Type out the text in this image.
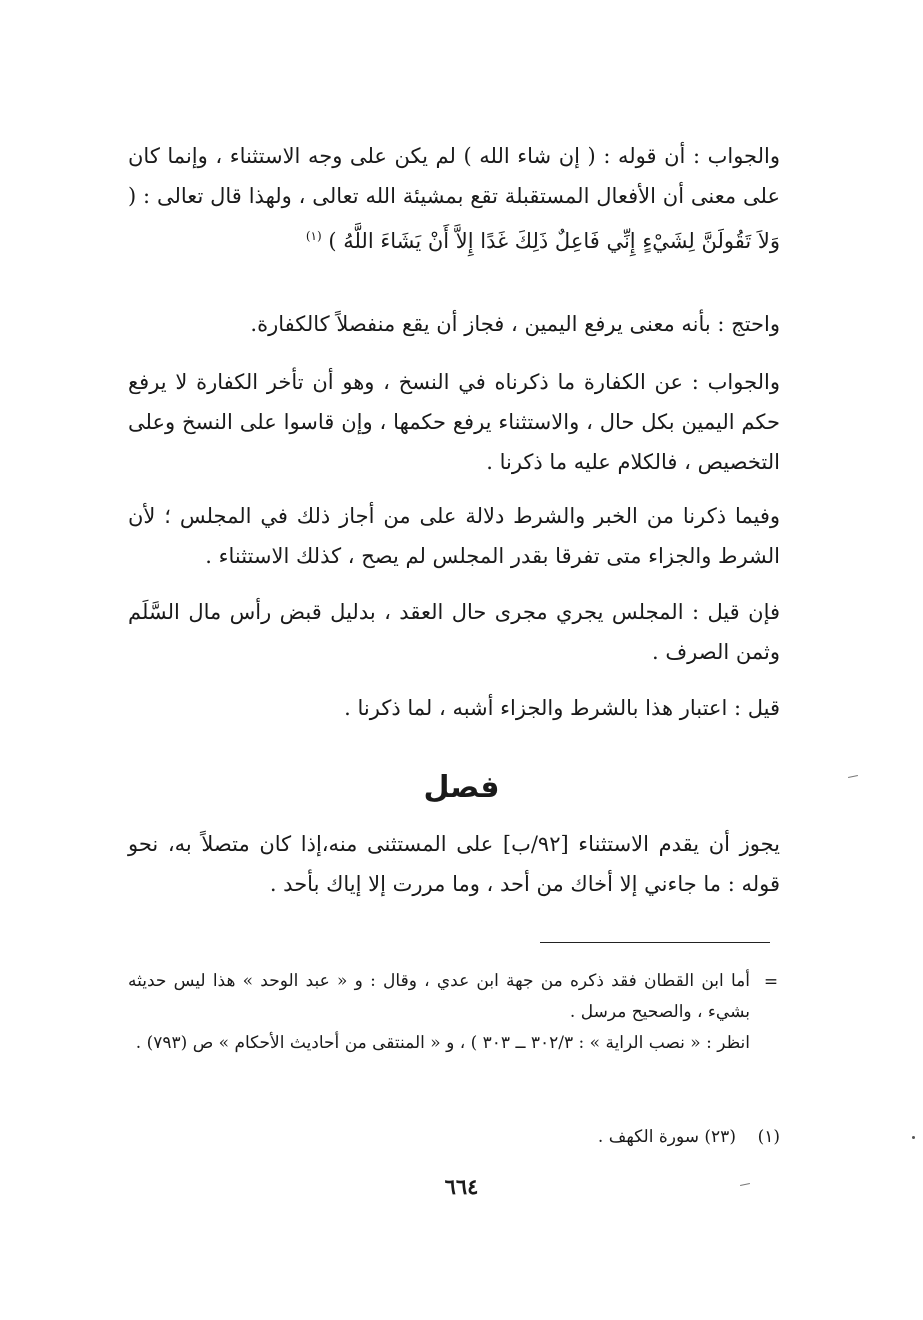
والجواب : أن قوله : ( إن شاء الله ) لم يكن على وجه الاستثناء ، وإنما كان على معنى أن الأفعال المستقبلة تقع بمشيئة الله تعالى ، ولهذا قال تعالى : ( وَلاَ تَقُولَنَّ لِشَيْءٍ إِنِّي فَاعِلٌ ذَلِكَ غَدًا إِلاَّ أَنْ يَشَاءَ اللَّهُ ) $^{(١)}$

واحتج : بأنه معنى يرفع اليمين ، فجاز أن يقع منفصلاً كالكفارة.

والجواب : عن الكفارة ما ذكرناه في النسخ ، وهو أن تأخر الكفارة لا يرفع حكم اليمين بكل حال ، والاستثناء يرفع حكمها ، وإن قاسوا على النسخ وعلى التخصيص ، فالكلام عليه ما ذكرنا .

وفيما ذكرنا من الخبر والشرط دلالة على من أجاز ذلك في المجلس ؛ لأن الشرط والجزاء متى تفرقا بقدر المجلس لم يصح ، كذلك الاستثناء .

فإن قيل : المجلس يجري مجرى حال العقد ، بدليل قبض رأس مال السَّلَم وثمن الصرف .

قيل : اعتبار هذا بالشرط والجزاء أشبه ، لما ذكرنا .

فصل

يجوز أن يقدم الاستثناء [٩٢/ب] على المستثنى منه،إذا كان متصلاً به، نحو قوله : ما جاءني إلا أخاك من أحد ، وما مررت إلا إياك بأحد .

=

أما ابن القطان فقد ذكره من جهة ابن عدي ، وقال : و « عبد الوحد » هذا ليس حديثه بشيء ، والصحيح مرسل .

انظر : « نصب الراية » : ٣٠٢/٣ ــ ٣٠٣ ) ، و « المنتقى من أحاديث الأحكام » ص (٧٩٣) .

(١)    (٢٣) سورة الكهف .

٦٦٤
